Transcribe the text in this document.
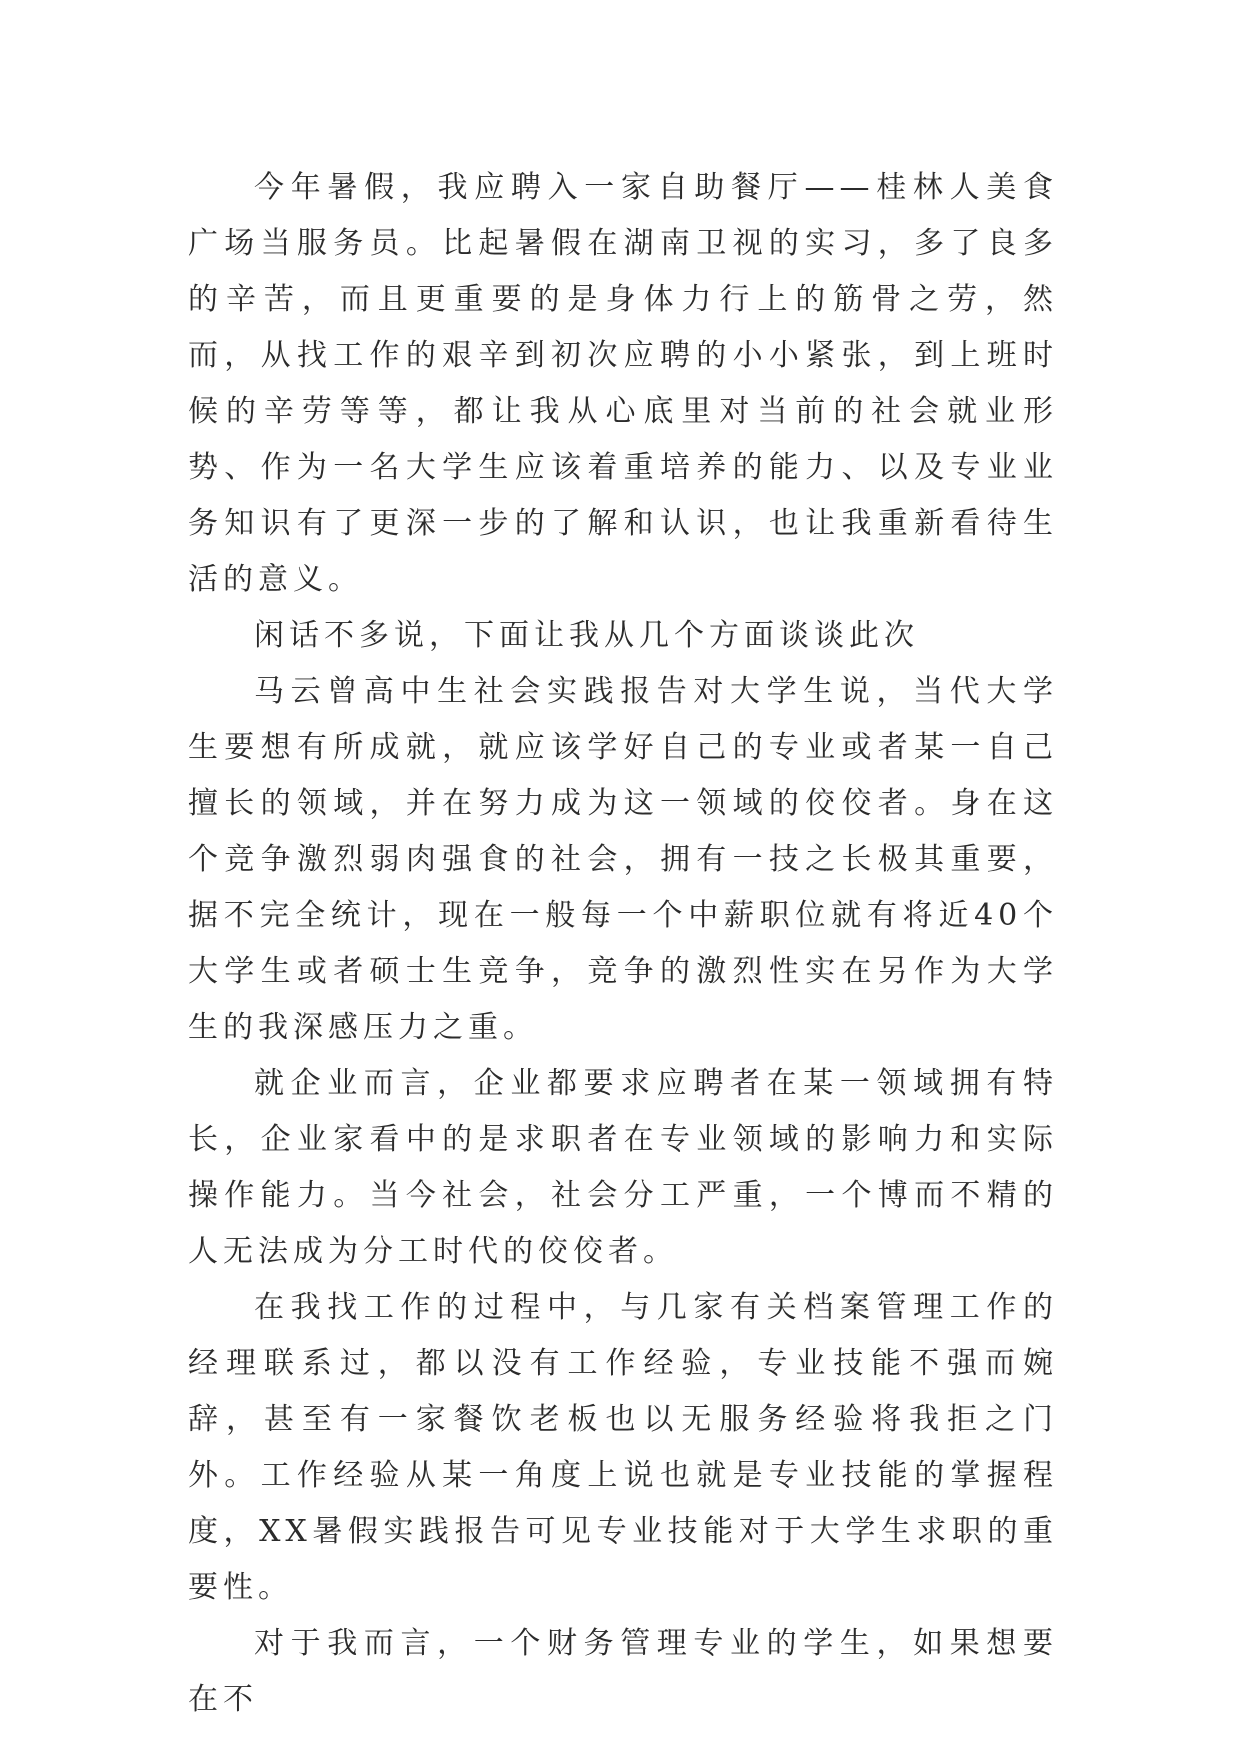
今年暑假，我应聘入一家自助餐厅——桂林人美食广场当服务员。比起暑假在湖南卫视的实习，多了良多的辛苦，而且更重要的是身体力行上的筋骨之劳，然而，从找工作的艰辛到初次应聘的小小紧张，到上班时候的辛劳等等，都让我从心底里对当前的社会就业形势、作为一名大学生应该着重培养的能力、以及专业业务知识有了更深一步的了解和认识，也让我重新看待生活的意义。

闲话不多说，下面让我从几个方面谈谈此次

马云曾高中生社会实践报告对大学生说，当代大学生要想有所成就，就应该学好自己的专业或者某一自己擅长的领域，并在努力成为这一领域的佼佼者。身在这个竞争激烈弱肉强食的社会，拥有一技之长极其重要，据不完全统计，现在一般每一个中薪职位就有将近40个大学生或者硕士生竞争，竞争的激烈性实在另作为大学生的我深感压力之重。

就企业而言，企业都要求应聘者在某一领域拥有特长，企业家看中的是求职者在专业领域的影响力和实际操作能力。当今社会，社会分工严重，一个博而不精的人无法成为分工时代的佼佼者。

在我找工作的过程中，与几家有关档案管理工作的经理联系过，都以没有工作经验，专业技能不强而婉辞，甚至有一家餐饮老板也以无服务经验将我拒之门外。工作经验从某一角度上说也就是专业技能的掌握程度，XX暑假实践报告可见专业技能对于大学生求职的重要性。

对于我而言，一个财务管理专业的学生，如果想要在不
